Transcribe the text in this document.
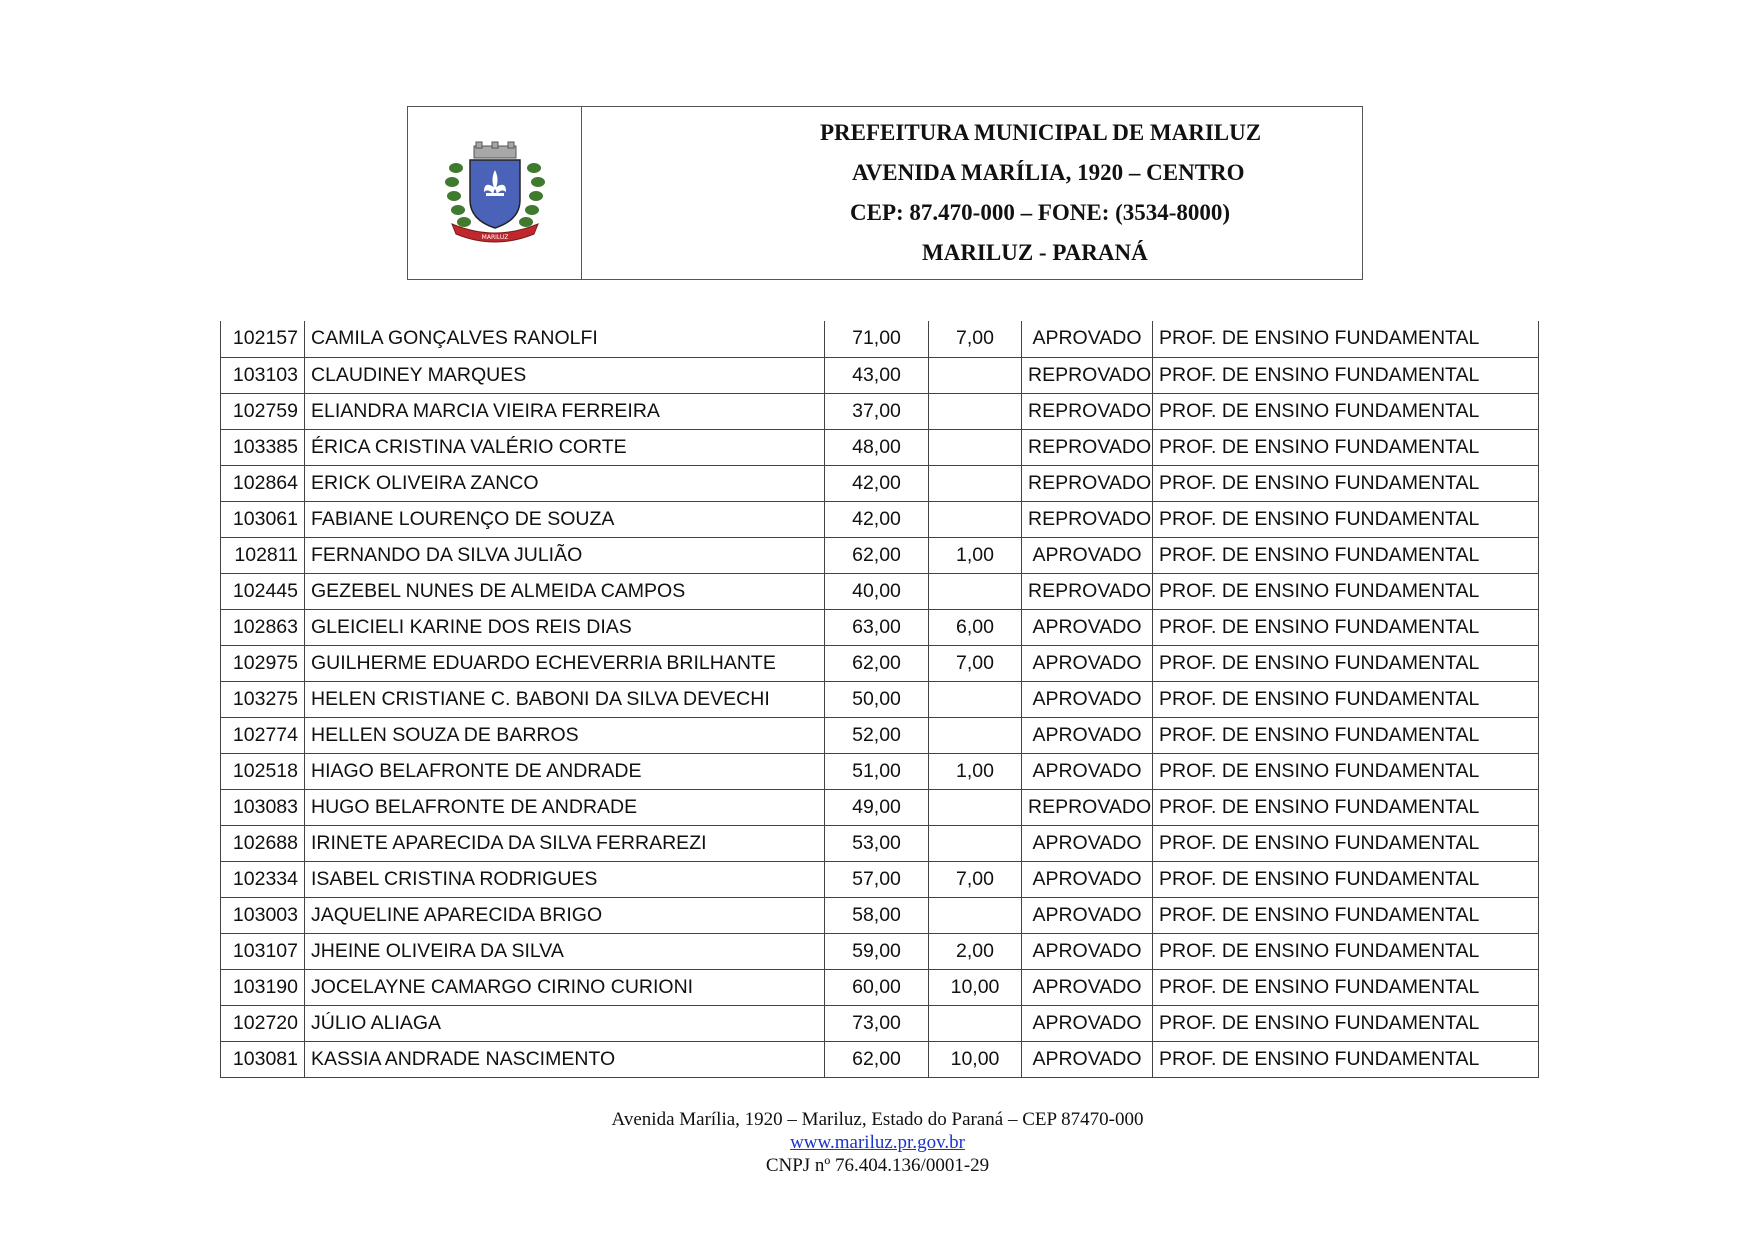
MARILUZ
PREFEITURA MUNICIPAL DE MARILUZ
AVENIDA MARÍLIA, 1920 – CENTRO
CEP: 87.470-000 – FONE: (3534-8000)
MARILUZ - PARANÁ
102157	CAMILA GONÇALVES RANOLFI	71,00	7,00	APROVADO	PROF. DE ENSINO FUNDAMENTAL
103103	CLAUDINEY MARQUES	43,00		REPROVADO	PROF. DE ENSINO FUNDAMENTAL
102759	ELIANDRA MARCIA VIEIRA FERREIRA	37,00		REPROVADO	PROF. DE ENSINO FUNDAMENTAL
103385	ÉRICA CRISTINA VALÉRIO CORTE	48,00		REPROVADO	PROF. DE ENSINO FUNDAMENTAL
102864	ERICK OLIVEIRA ZANCO	42,00		REPROVADO	PROF. DE ENSINO FUNDAMENTAL
103061	FABIANE LOURENÇO DE SOUZA	42,00		REPROVADO	PROF. DE ENSINO FUNDAMENTAL
102811	FERNANDO DA SILVA JULIÃO	62,00	1,00	APROVADO	PROF. DE ENSINO FUNDAMENTAL
102445	GEZEBEL NUNES DE ALMEIDA CAMPOS	40,00		REPROVADO	PROF. DE ENSINO FUNDAMENTAL
102863	GLEICIELI KARINE DOS REIS DIAS	63,00	6,00	APROVADO	PROF. DE ENSINO FUNDAMENTAL
102975	GUILHERME EDUARDO ECHEVERRIA BRILHANTE	62,00	7,00	APROVADO	PROF. DE ENSINO FUNDAMENTAL
103275	HELEN CRISTIANE C. BABONI DA SILVA DEVECHI	50,00		APROVADO	PROF. DE ENSINO FUNDAMENTAL
102774	HELLEN SOUZA DE BARROS	52,00		APROVADO	PROF. DE ENSINO FUNDAMENTAL
102518	HIAGO BELAFRONTE DE ANDRADE	51,00	1,00	APROVADO	PROF. DE ENSINO FUNDAMENTAL
103083	HUGO BELAFRONTE DE ANDRADE	49,00		REPROVADO	PROF. DE ENSINO FUNDAMENTAL
102688	IRINETE APARECIDA DA SILVA FERRAREZI	53,00		APROVADO	PROF. DE ENSINO FUNDAMENTAL
102334	ISABEL CRISTINA RODRIGUES	57,00	7,00	APROVADO	PROF. DE ENSINO FUNDAMENTAL
103003	JAQUELINE APARECIDA BRIGO	58,00		APROVADO	PROF. DE ENSINO FUNDAMENTAL
103107	JHEINE OLIVEIRA DA SILVA	59,00	2,00	APROVADO	PROF. DE ENSINO FUNDAMENTAL
103190	JOCELAYNE CAMARGO CIRINO CURIONI	60,00	10,00	APROVADO	PROF. DE ENSINO FUNDAMENTAL
102720	JÚLIO ALIAGA	73,00		APROVADO	PROF. DE ENSINO FUNDAMENTAL
103081	KASSIA ANDRADE NASCIMENTO	62,00	10,00	APROVADO	PROF. DE ENSINO FUNDAMENTAL
Avenida Marília, 1920 – Mariluz, Estado do Paraná – CEP 87470-000
www.mariluz.pr.gov.br
CNPJ nº 76.404.136/0001-29
